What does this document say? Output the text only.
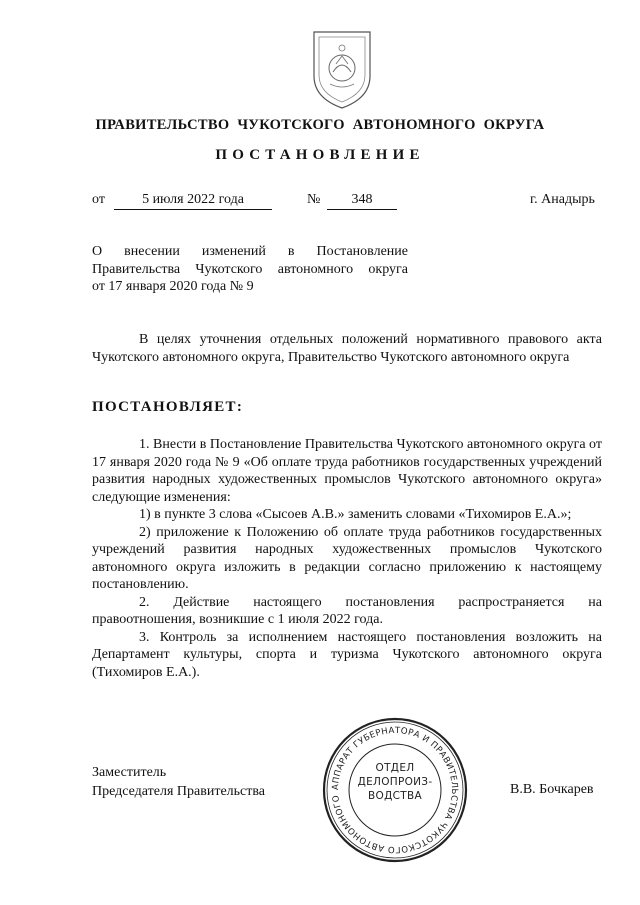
ПРАВИТЕЛЬСТВО ЧУКОТСКОГО АВТОНОМНОГО ОКРУГА
ПОСТАНОВЛЕНИЕ
от	5 июля 2022 года	№	348	г. Анадырь
О внесении изменений в Постановление
Правительства Чукотского автономного округа
от 17 января 2020 года № 9
В целях уточнения отдельных положений нормативного правового акта Чукотского автономного округа, Правительство Чукотского автономного округа
ПОСТАНОВЛЯЕТ:
1. Внести в Постановление Правительства Чукотского автономного округа от 17 января 2020 года № 9 «Об оплате труда работников государственных учреждений развития народных художественных промыслов Чукотского автономного округа» следующие изменения:
1) в пункте 3 слова «Сысоев А.В.» заменить словами «Тихомиров Е.А.»;
2) приложение к Положению об оплате труда работников государственных учреждений развития народных художественных промыслов Чукотского автономного округа изложить в редакции согласно приложению к настоящему постановлению.
2. Действие настоящего постановления распространяется на правоотношения, возникшие с 1 июля 2022 года.
3. Контроль за исполнением настоящего постановления возложить на Департамент культуры, спорта и туризма Чукотского автономного округа (Тихомиров Е.А.).
Заместитель
Председателя Правительства	В.В. Бочкарев
АППАРАТ ГУБЕРНАТОРА И ПРАВИТЕЛЬСТВА ЧУКОТСКОГО АВТОНОМНОГО
ОТДЕЛ
ДЕЛОПРОИЗ-
ВОДСТВА
